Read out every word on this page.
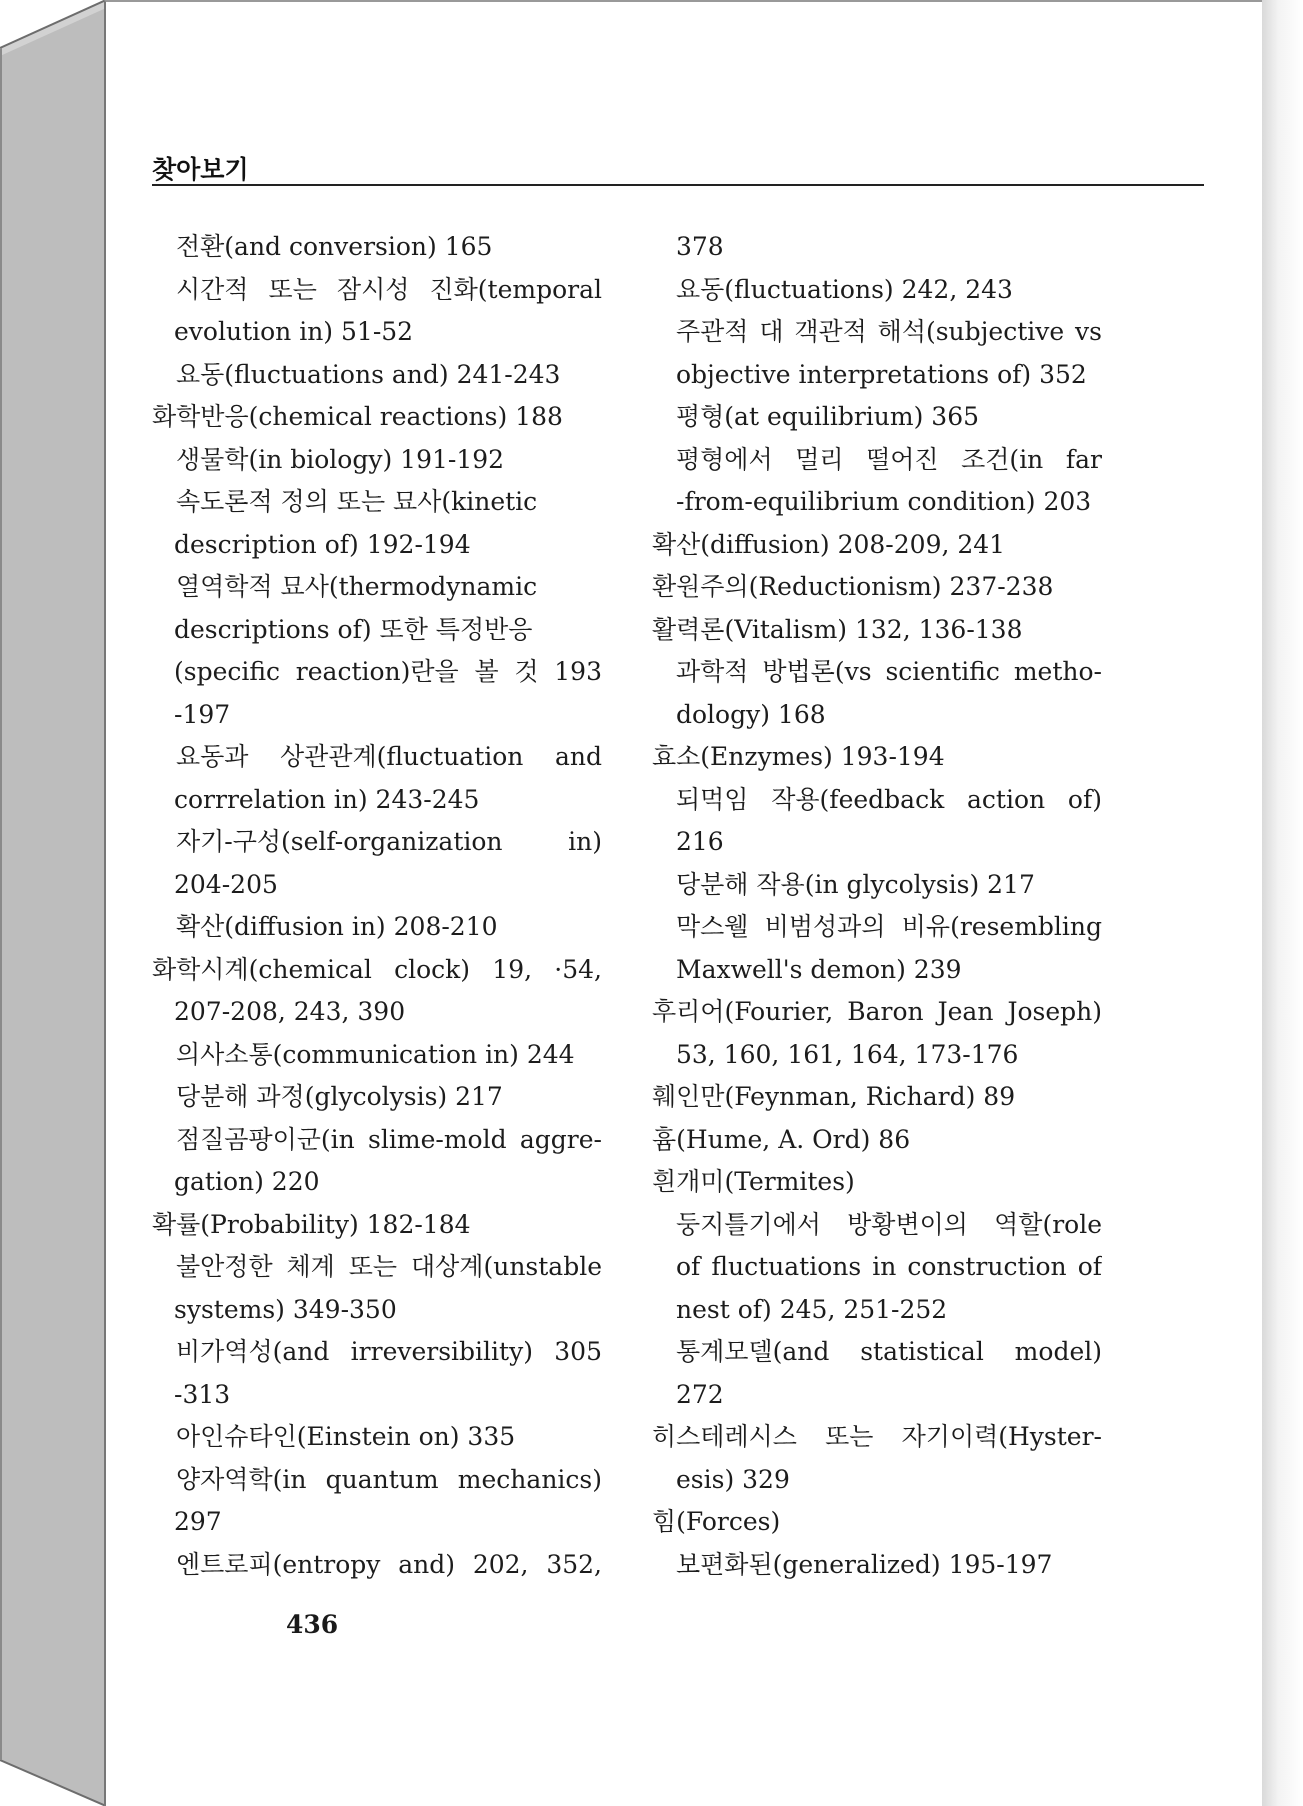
찾아보기
전환(and conversion) 165
시간적 또는 잠시성 진화(temporal
evolution in) 51-52
요동(fluctuations and) 241-243
화학반응(chemical reactions) 188
생물학(in biology) 191-192
속도론적 정의 또는 묘사(kinetic
description of) 192-194
열역학적 묘사(thermodynamic
descriptions of) 또한 특정반응
(specific reaction)란을 볼 것 193
-197
요동과 상관관계(fluctuation and
corrrelation in) 243-245
자기-구성(self-organization in)
204-205
확산(diffusion in) 208-210
화학시계(chemical clock) 19, ·54,
207-208, 243, 390
의사소통(communication in) 244
당분해 과정(glycolysis) 217
점질곰팡이군(in slime-mold aggre-
gation) 220
확률(Probability) 182-184
불안정한 체계 또는 대상계(unstable
systems) 349-350
비가역성(and irreversibility) 305
-313
아인슈타인(Einstein on) 335
양자역학(in quantum mechanics)
297
엔트로피(entropy and) 202, 352,
378
요동(fluctuations) 242, 243
주관적 대 객관적 해석(subjective vs
objective interpretations of) 352
평형(at equilibrium) 365
평형에서 멀리 떨어진 조건(in far
-from-equilibrium condition) 203
확산(diffusion) 208-209, 241
환원주의(Reductionism) 237-238
활력론(Vitalism) 132, 136-138
과학적 방법론(vs scientific metho-
dology) 168
효소(Enzymes) 193-194
되먹임 작용(feedback action of)
216
당분해 작용(in glycolysis) 217
막스웰 비범성과의 비유(resembling
Maxwell's demon) 239
후리어(Fourier, Baron Jean Joseph)
53, 160, 161, 164, 173-176
훼인만(Feynman, Richard) 89
흄(Hume, A. Ord) 86
흰개미(Termites)
둥지틀기에서 방황변이의 역할(role
of fluctuations in construction of
nest of) 245, 251-252
통계모델(and statistical model)
272
히스테레시스 또는 자기이력(Hyster-
esis) 329
힘(Forces)
보편화된(generalized) 195-197
436
